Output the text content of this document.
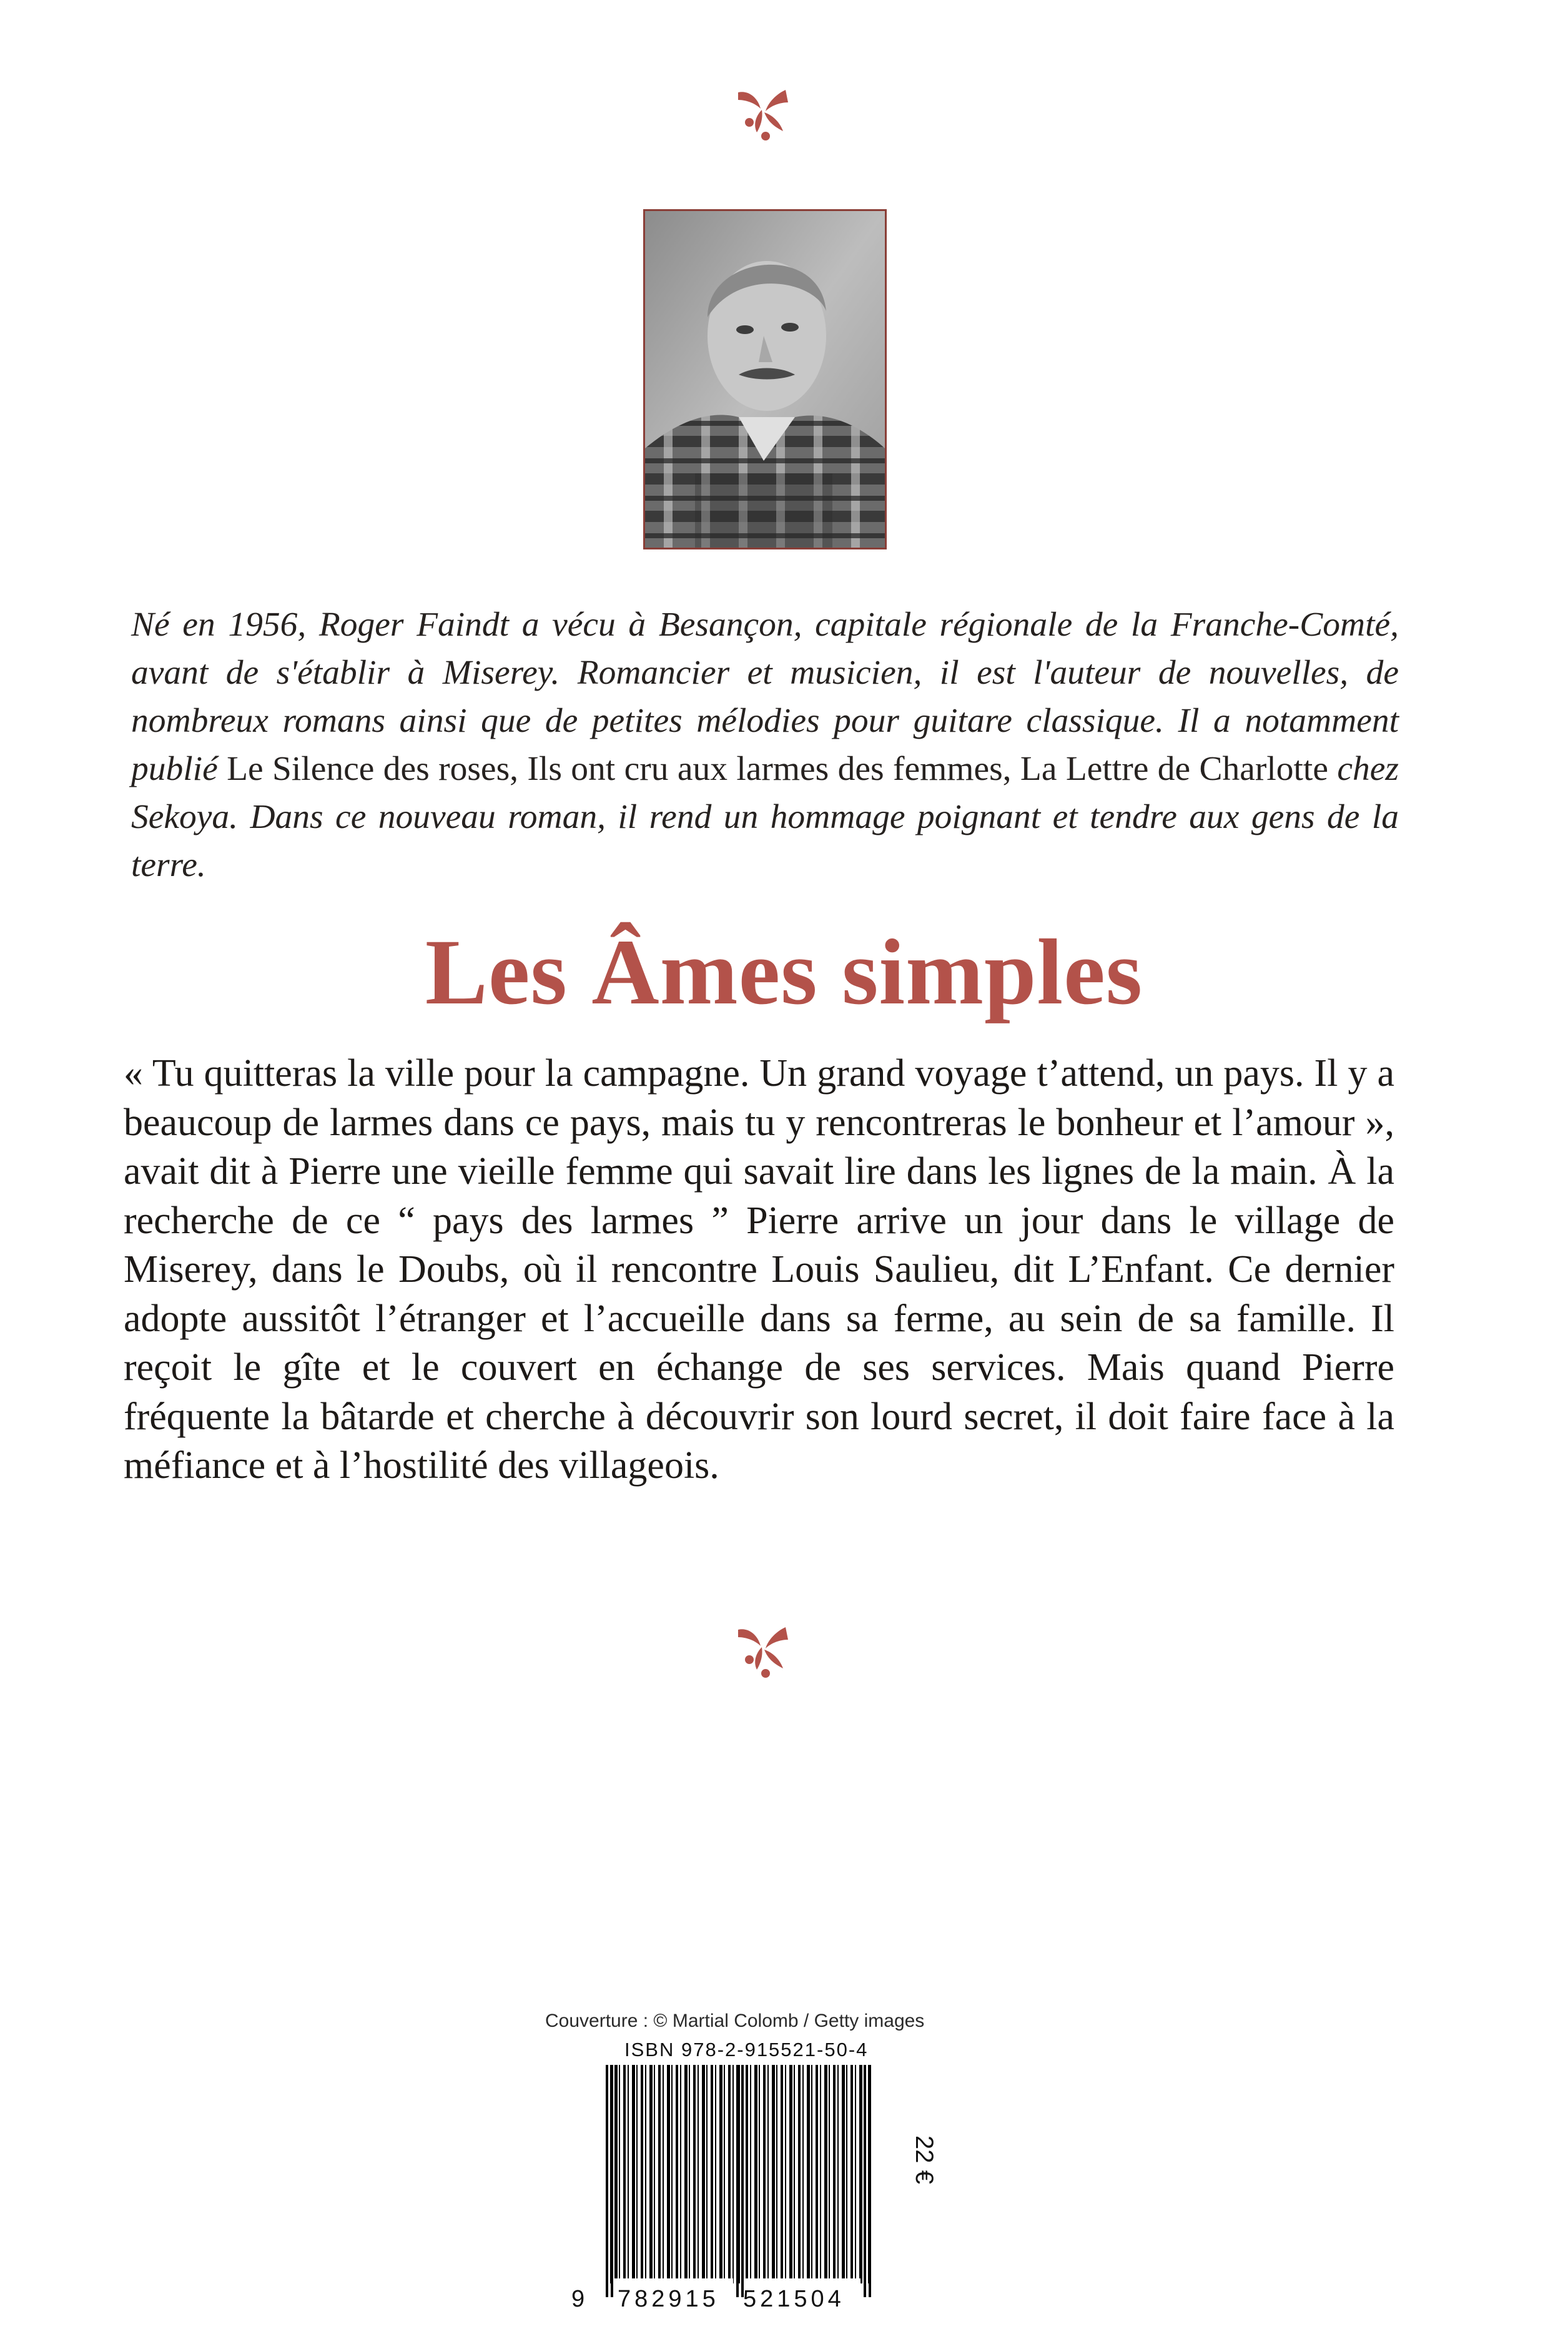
Né en 1956, Roger Faindt a vécu à Besançon, capitale régionale de la Franche-Comté, avant de s'établir à Miserey. Romancier et musicien, il est l'auteur de nouvelles, de nombreux romans ainsi que de petites mélodies pour guitare classique. Il a notamment publié Le Silence des roses, Ils ont cru aux larmes des femmes, La Lettre de Charlotte chez Sekoya. Dans ce nouveau roman, il rend un hommage poignant et tendre aux gens de la terre.

Les Âmes simples

« Tu quitteras la ville pour la campagne. Un grand voyage t’attend, un pays. Il y a beaucoup de larmes dans ce pays, mais tu y rencontreras le bonheur et l’amour », avait dit à Pierre une vieille femme qui savait lire dans les lignes de la main. À la recherche de ce “ pays des larmes ” Pierre arrive un jour dans le village de Miserey, dans le Doubs, où il rencontre Louis Saulieu, dit L’Enfant. Ce dernier adopte aussitôt l’étranger et l’accueille dans sa ferme, au sein de sa famille. Il reçoit le gîte et le couvert en échange de ses services. Mais quand Pierre fréquente la bâtarde et cherche à découvrir son lourd secret, il doit faire face à la méfiance et à l’hostilité des villageois.

Couverture : © Martial Colomb / Getty images

ISBN 978-2-915521-50-4
9 782915 521504
22 €
